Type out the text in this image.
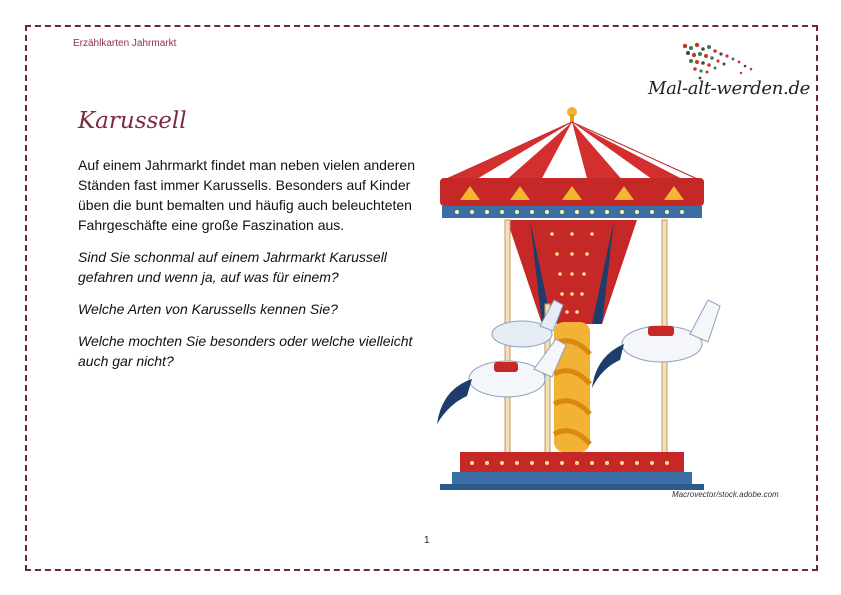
Erzählkarten Jahrmarkt
Mal-alt-werden.de
Karussell

Auf einem Jahrmarkt findet man neben vielen anderen Ständen fast immer Karussells. Besonders auf Kinder üben die bunt bemalten und häufig auch beleuchteten Fahrgeschäfte eine große Faszination aus.

Sind Sie schonmal auf einem Jahrmarkt Karussell gefahren und wenn ja, auf was für einem?

Welche Arten von Karussells kennen Sie?

Welche mochten Sie besonders oder welche vielleicht auch gar nicht?

Macrovector/stock.adobe.com
1
